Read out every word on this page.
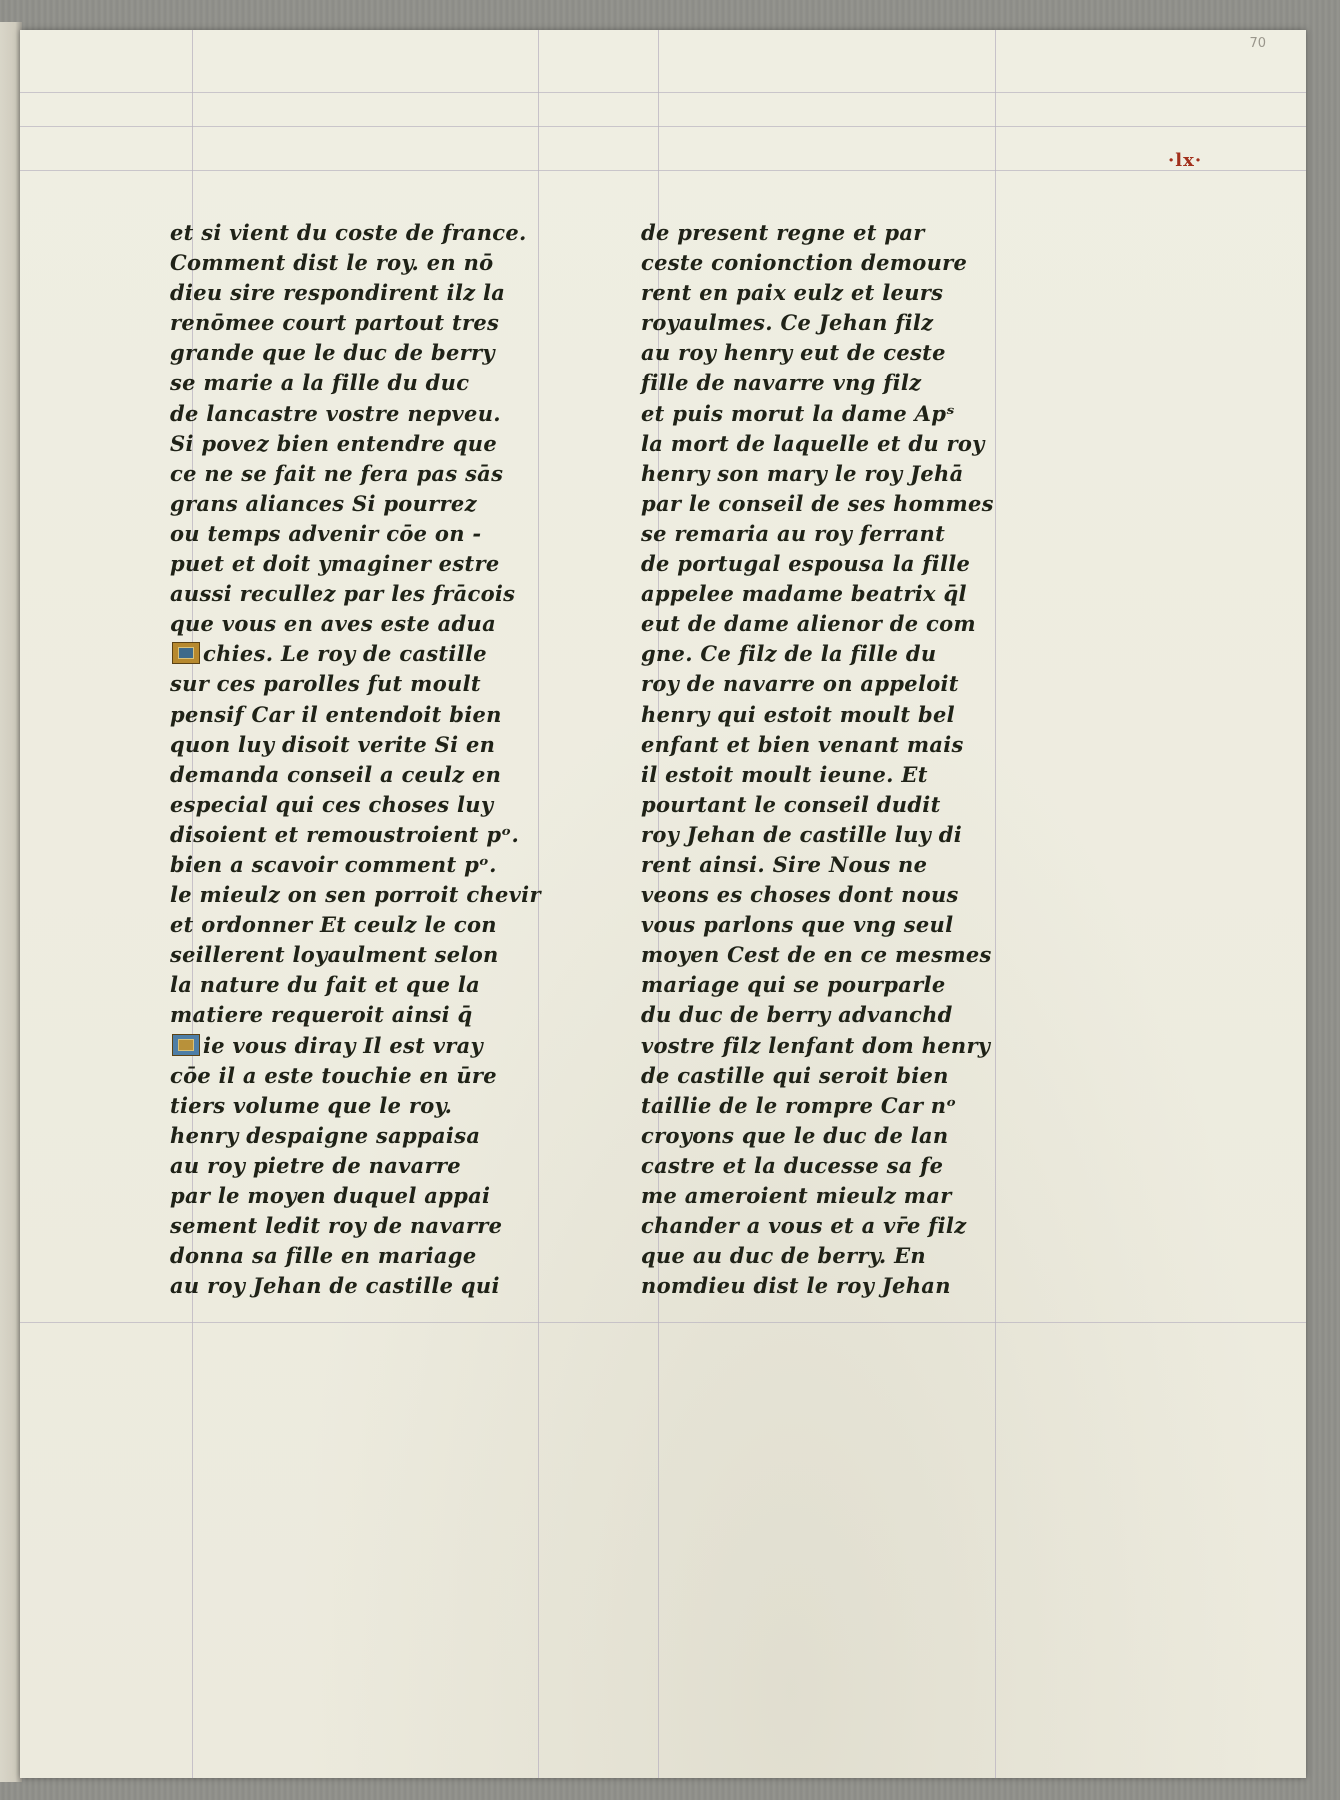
70
·lx·
et si vient du coste de france.
Comment dist le roy. en nō
dieu sire respondirent ilz la
renōmee court partout tres
grande que le duc de berry
se marie a la fille du duc
de lancastre vostre nepveu.
Si povez bien entendre que
ce ne se fait ne fera pas sās
grans aliances Si pourrez
ou temps advenir cōe on -
puet et doit ymaginer estre
aussi recullez par les frācois
que vous en aves este adua
chies. Le roy de castille
sur ces parolles fut moult
pensif Car il entendoit bien
quon luy disoit verite Si en
demanda conseil a ceulz en
especial qui ces choses luy
disoient et remoustroient pᵒ.
bien a scavoir comment pᵒ.
le mieulz on sen porroit chevir
et ordonner Et ceulz le con
seillerent loyaulment selon
la nature du fait et que la
matiere requeroit ainsi q̄
ie vous diray Il est vray
cōe il a este touchie en ūre
tiers volume que le roy.
henry despaigne sappaisa
au roy pietre de navarre
par le moyen duquel appai
sement ledit roy de navarre
donna sa fille en mariage
au roy Jehan de castille qui
de present regne et par
ceste conionction demoure
rent en paix eulz et leurs
royaulmes. Ce Jehan filz
au roy henry eut de ceste
fille de navarre vng filz
et puis morut la dame Apˢ
la mort de laquelle et du roy
henry son mary le roy Jehā
par le conseil de ses hommes
se remaria au roy ferrant
de portugal espousa la fille
appelee madame beatrix q̄l
eut de dame alienor de com
gne. Ce filz de la fille du
roy de navarre on appeloit
henry qui estoit moult bel
enfant et bien venant mais
il estoit moult ieune. Et
pourtant le conseil dudit
roy Jehan de castille luy di
rent ainsi. Sire Nous ne
veons es choses dont nous
vous parlons que vng seul
moyen Cest de en ce mesmes
mariage qui se pourparle
du duc de berry advanchd
vostre filz lenfant dom henry
de castille qui seroit bien
taillie de le rompre Car nᵒ
croyons que le duc de lan
castre et la ducesse sa fe
me ameroient mieulz mar
chander a vous et a vr̄e filz
que au duc de berry. En
nomdieu dist le roy Jehan
